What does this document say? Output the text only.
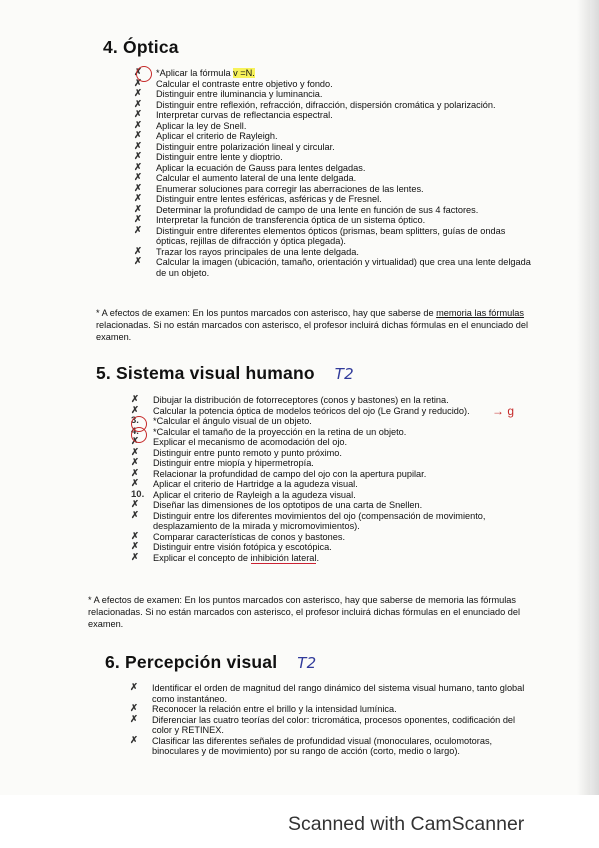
4. Óptica
✗	*Aplicar la fórmula v =N.
✗	Calcular el contraste entre objetivo y fondo.
✗	Distinguir entre iluminancia y luminancia.
✗	Distinguir entre reflexión, refracción, difracción, dispersión cromática y polarización.
✗	Interpretar curvas de reflectancia espectral.
✗	Aplicar la ley de Snell.
✗	Aplicar el criterio de Rayleigh.
✗	Distinguir entre polarización lineal y circular.
✗	Distinguir entre lente y dioptrio.
✗	Aplicar la ecuación de Gauss para lentes delgadas.
✗	Calcular el aumento lateral de una lente delgada.
✗	Enumerar soluciones para corregir las aberraciones de las lentes.
✗	Distinguir entre lentes esféricas, asféricas y de Fresnel.
✗	Determinar la profundidad de campo de una lente en función de sus 4 factores.
✗	Interpretar la función de transferencia óptica de un sistema óptico.
✗	Distinguir entre diferentes elementos ópticos (prismas, beam splitters, guías de ondas ópticas, rejillas de difracción y óptica plegada).
✗	Trazar los rayos principales de una lente delgada.
✗	Calcular la imagen (ubicación, tamaño, orientación y virtualidad) que crea una lente delgada de un objeto.
* A efectos de examen: En los puntos marcados con asterisco, hay que saberse de memoria las fórmulas relacionadas. Si no están marcados con asterisco, el profesor incluirá dichas fórmulas en el enunciado del examen.
5. Sistema visual humano T2
✗	Dibujar la distribución de fotorreceptores (conos y bastones) en la retina.
✗	Calcular la potencia óptica de modelos teóricos del ojo (Le Grand y reducido).
3.	*Calcular el ángulo visual de un objeto.
4.	*Calcular el tamaño de la proyección en la retina de un objeto.
✗	Explicar el mecanismo de acomodación del ojo.
✗	Distinguir entre punto remoto y punto próximo.
✗	Distinguir entre miopía y hipermetropía.
✗	Relacionar la profundidad de campo del ojo con la apertura pupilar.
✗	Aplicar el criterio de Hartridge a la agudeza visual.
10. Aplicar el criterio de Rayleigh a la agudeza visual.
✗	Diseñar las dimensiones de los optotipos de una carta de Snellen.
✗	Distinguir entre los diferentes movimientos del ojo (compensación de movimiento, desplazamiento de la mirada y micromovimientos).
✗	Comparar características de conos y bastones.
✗	Distinguir entre visión fotópica y escotópica.
✗	Explicar el concepto de inhibición lateral.
→ g
* A efectos de examen: En los puntos marcados con asterisco, hay que saberse de memoria las fórmulas relacionadas. Si no están marcados con asterisco, el profesor incluirá dichas fórmulas en el enunciado del examen.
6. Percepción visual T2
✗	Identificar el orden de magnitud del rango dinámico del sistema visual humano, tanto global como instantáneo.
✗	Reconocer la relación entre el brillo y la intensidad lumínica.
✗	Diferenciar las cuatro teorías del color: tricromática, procesos oponentes, codificación del color y RETINEX.
✗	Clasificar las diferentes señales de profundidad visual (monoculares, oculomotoras, binoculares y de movimiento) por su rango de acción (corto, medio o largo).
Scanned with CamScanner
